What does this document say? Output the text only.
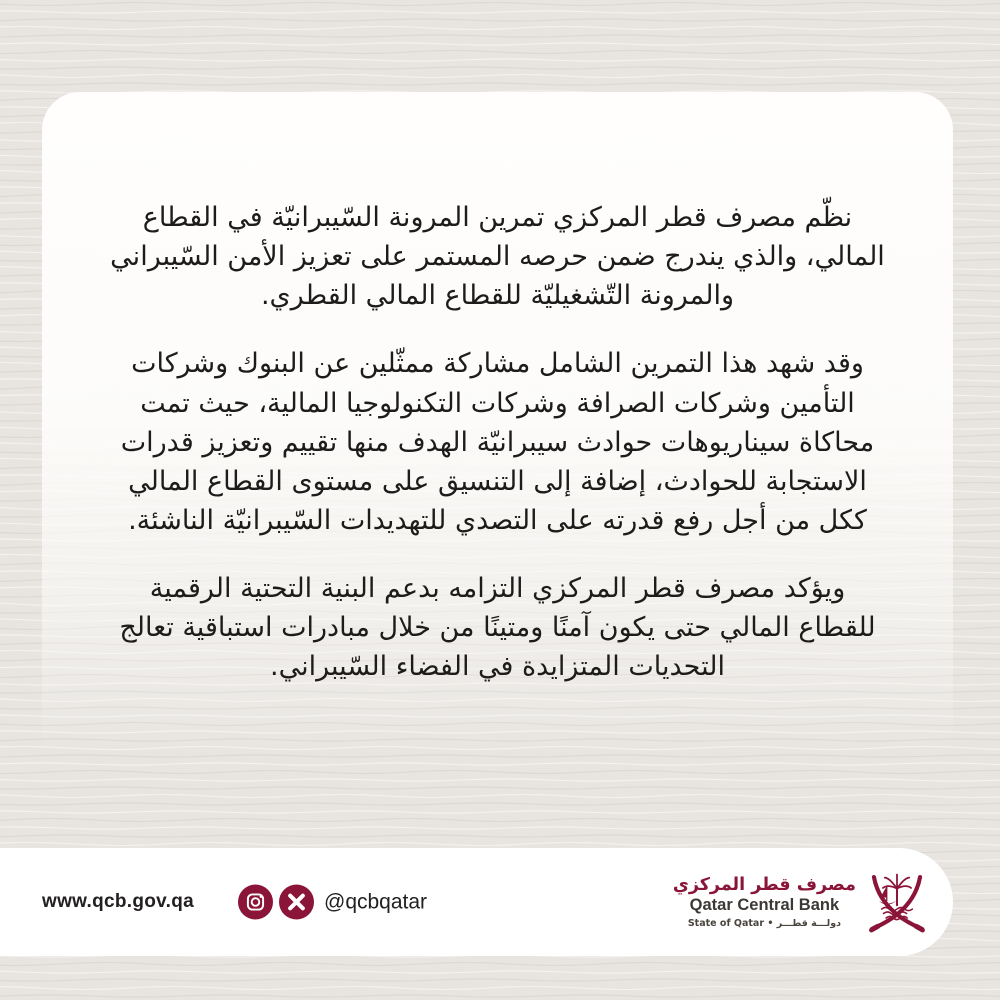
نظّم مصرف قطر المركزي تمرين المرونة السّيبرانيّة في القطاع المالي، والذي يندرج ضمن حرصه المستمر على تعزيز الأمن السّيبراني والمرونة التّشغيليّة للقطاع المالي القطري.

وقد شهد هذا التمرين الشامل مشاركة ممثّلين عن البنوك وشركات التأمين وشركات الصرافة وشركات التكنولوجيا المالية، حيث تمت محاكاة سيناريوهات حوادث سيبرانيّة الهدف منها تقييم وتعزيز قدرات الاستجابة للحوادث، إضافة إلى التنسيق على مستوى القطاع المالي ككل من أجل رفع قدرته على التصدي للتهديدات السّيبرانيّة الناشئة.

ويؤكد مصرف قطر المركزي التزامه بدعم البنية التحتية الرقمية للقطاع المالي حتى يكون آمنًا ومتينًا من خلال مبادرات استباقية تعالج التحديات المتزايدة في الفضاء السّيبراني.

www.qcb.gov.qa	@qcbqatar
مصرف قطر المركزي
Qatar Central Bank
دولـــة قطـــر • State of Qatar
